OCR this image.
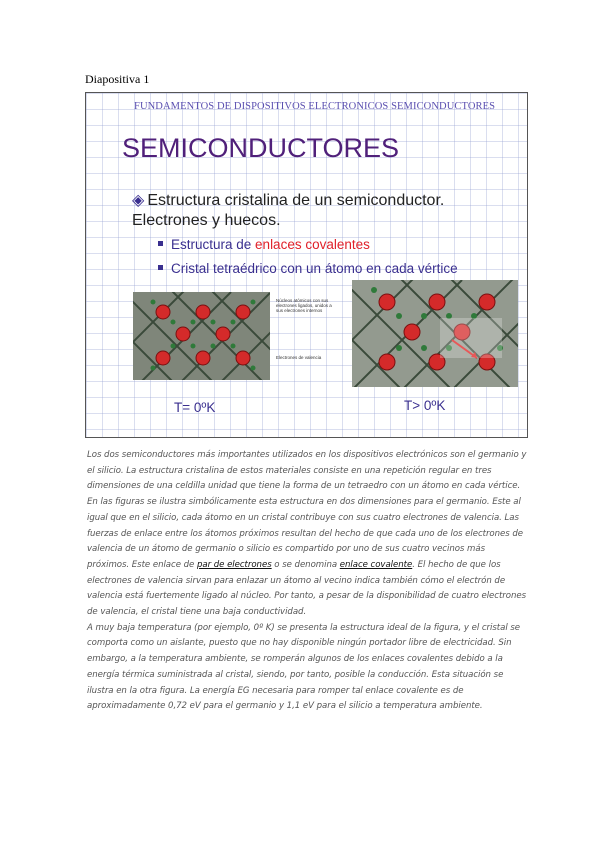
Diapositiva 1
FUNDAMENTOS DE DISPOSITIVOS ELECTRONICOS SEMICONDUCTORES
SEMICONDUCTORES
◈ Estructura cristalina de un semiconductor. Electrones y huecos.
Estructura de enlaces covalentes
Cristal tetraédrico con un átomo en cada vértice
Núcleos atómicos con sus electrones ligados, unidos a sus electrones internos
Electrones de valencia
T= 0ºK	T> 0ºK

Los dos semiconductores más importantes utilizados en los dispositivos electrónicos son el germanio y el silicio. La estructura cristalina de estos materiales consiste en una repetición regular en tres dimensiones de una celdilla unidad que tiene la forma de un tetraedro con un átomo en cada vértice. En las figuras se ilustra simbólicamente esta estructura en dos dimensiones para el germanio. Este al igual que en el silicio, cada átomo en un cristal contribuye con sus cuatro electrones de valencia. Las fuerzas de enlace entre los átomos próximos resultan del hecho de que cada uno de los electrones de valencia de un átomo de germanio o silicio es compartido por uno de sus cuatro vecinos más próximos. Este enlace de par de electrones o se denomina enlace covalente. El hecho de que los electrones de valencia sirvan para enlazar un átomo al vecino indica también cómo el electrón de valencia está fuertemente ligado al núcleo. Por tanto, a pesar de la disponibilidad de cuatro electrones de valencia, el cristal tiene una baja conductividad.

A muy baja temperatura (por ejemplo, 0º K) se presenta la estructura ideal de la figura, y el cristal se comporta como un aislante, puesto que no hay disponible ningún portador libre de electricidad. Sin embargo, a la temperatura ambiente, se romperán algunos de los enlaces covalentes debido a la energía térmica suministrada al cristal, siendo, por tanto, posible la conducción. Esta situación se ilustra en la otra figura. La energía EG necesaria para romper tal enlace covalente es de aproximadamente 0,72 eV para el germanio y 1,1 eV para el silicio a temperatura ambiente.
